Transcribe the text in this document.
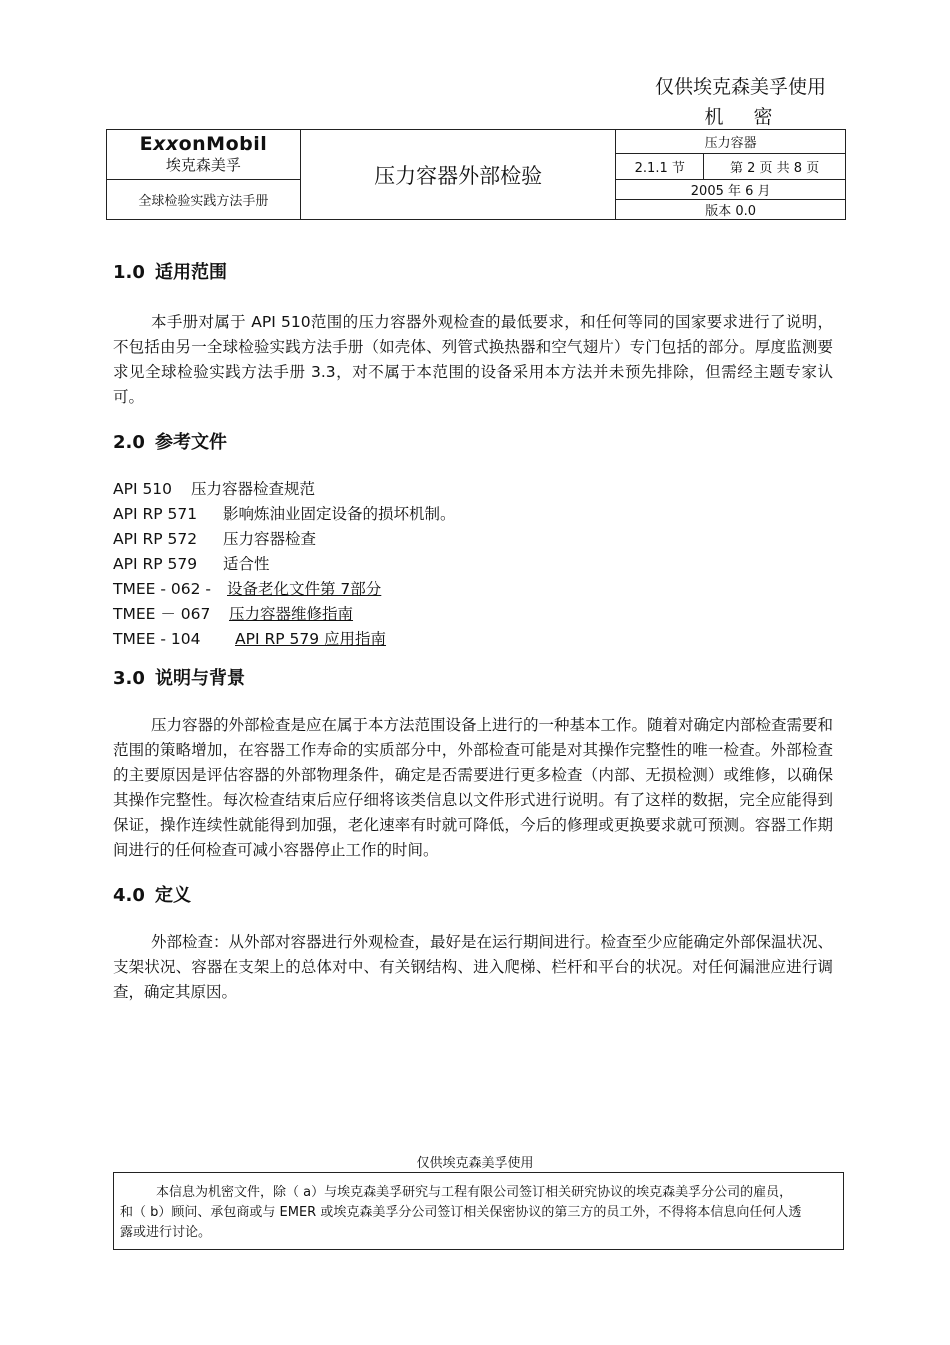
仅供埃克森美孚使用
机 密
ExxonMobil
埃克森美孚	压力容器外部检验	压力容器	
		2.1.1 节	第 2 页 共 8 页
全球检验实践方法手册		2005 年 6 月	
		版本 0.0	
1.0 适用范围

本手册对属于 API 510范围的压力容器外观检查的最低要求，和任何等同的国家要求进行了说明，不包括由另一全球检验实践方法手册（如壳体、列管式换热器和空气翅片）专门包括的部分。厚度监测要求见全球检验实践方法手册 3.3，对不属于本范围的设备采用本方法并未预先排除，但需经主题专家认可。

2.0 参考文件
API 510 压力容器检查规范
API RP 571 影响炼油业固定设备的损坏机制。
API RP 572 压力容器检查
API RP 579 适合性
TMEE - 062 - 设备老化文件第 7部分
TMEE － 067 压力容器维修指南
TMEE - 104 API RP 579 应用指南
3.0 说明与背景

压力容器的外部检查是应在属于本方法范围设备上进行的一种基本工作。随着对确定内部检查需要和范围的策略增加，在容器工作寿命的实质部分中，外部检查可能是对其操作完整性的唯一检查。外部检查的主要原因是评估容器的外部物理条件，确定是否需要进行更多检查（内部、无损检测）或维修，以确保其操作完整性。每次检查结束后应仔细将该类信息以文件形式进行说明。有了这样的数据，完全应能得到保证，操作连续性就能得到加强，老化速率有时就可降低，今后的修理或更换要求就可预测。容器工作期间进行的任何检查可减小容器停止工作的时间。

4.0 定义

外部检查：从外部对容器进行外观检查，最好是在运行期间进行。检查至少应能确定外部保温状况、支架状况、容器在支架上的总体对中、有关钢结构、进入爬梯、栏杆和平台的状况。对任何漏泄应进行调查，确定其原因。

仅供埃克森美孚使用

本信息为机密文件，除（ a）与埃克森美孚研究与工程有限公司签订相关研究协议的埃克森美孚分公司的雇员，和（ b）顾问、承包商或与 EMER 或埃克森美孚分公司签订相关保密协议的第三方的员工外，不得将本信息向任何人透露或进行讨论。
